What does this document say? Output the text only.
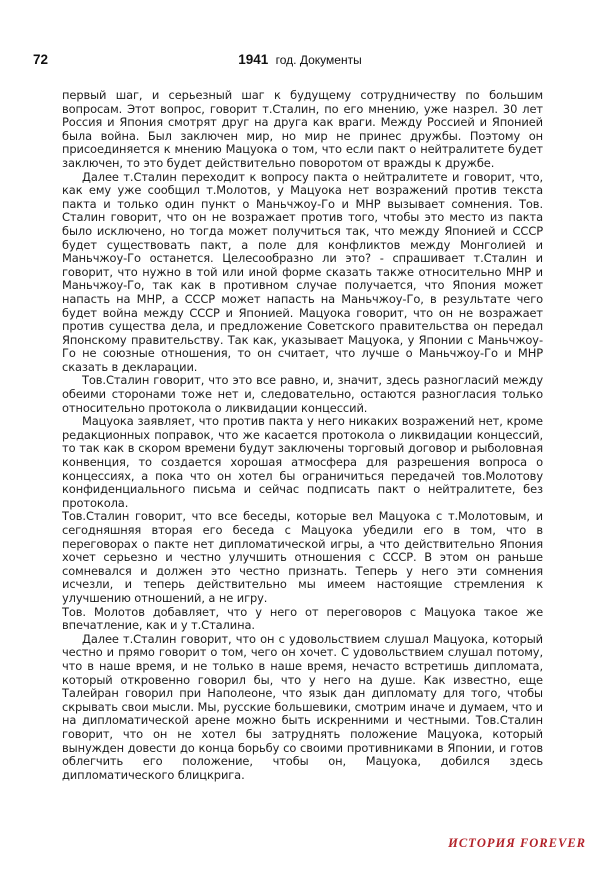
72	1941 год. Документы

первый шаг, и серьезный шаг к будущему сотрудничеству по большим вопросам. Этот вопрос, говорит т.Сталин, по его мнению, уже назрел. 30 лет Россия и Япония смотрят друг на друга как враги. Между Россией и Японией была война. Был заключен мир, но мир не принес дружбы. Поэтому он присоединяется к мнению Мацуока о том, что если пакт о нейтралитете будет заключен, то это будет действительно поворотом от вражды к дружбе.

Далее т.Сталин переходит к вопросу пакта о нейтралитете и говорит, что, как ему уже сообщил т.Молотов, у Мацуока нет возражений против текста пакта и только один пункт о Маньчжоу-Го и МНР вызывает сомнения. Тов. Сталин говорит, что он не возражает против того, чтобы это место из пакта было исключено, но тогда может получиться так, что между Японией и СССР будет существовать пакт, а поле для конфликтов между Монголией и Маньчжоу-Го останется. Целесообразно ли это? - спрашивает т.Сталин и говорит, что нужно в той или иной форме сказать также относительно МНР и Маньчжоу-Го, так как в противном случае получается, что Япония может напасть на МНР, а СССР может напасть на Маньчжоу-Го, в результате чего будет война между СССР и Японией. Мацуока говорит, что он не возражает против существа дела, и предложение Советского правительства он передал Японскому правительству. Так как, указывает Мацуока, у Японии с Маньчжоу-Го не союзные отношения, то он считает, что лучше о Маньчжоу-Го и МНР сказать в декларации.

Тов.Сталин говорит, что это все равно, и, значит, здесь разногласий между обеими сторонами тоже нет и, следовательно, остаются разногласия только относительно протокола о ликвидации концессий.

Мацуока заявляет, что против пакта у него никаких возражений нет, кроме редакционных поправок, что же касается протокола о ликвидации концессий, то так как в скором времени будут заключены торговый договор и рыболовная конвенция, то создается хорошая атмосфера для разрешения вопроса о концессиях, а пока что он хотел бы ограничиться передачей тов.Молотову конфиденциального письма и сейчас подписать пакт о нейтралитете, без протокола.

Тов.Сталин говорит, что все беседы, которые вел Мацуока с т.Молотовым, и сегодняшняя вторая его беседа с Мацуока убедили его в том, что в переговорах о пакте нет дипломатической игры, а что действительно Япония хочет серьезно и честно улучшить отношения с СССР. В этом он раньше сомневался и должен это честно признать. Теперь у него эти сомнения исчезли, и теперь действительно мы имеем настоящие стремления к улучшению отношений, а не игру.

Тов. Молотов добавляет, что у него от переговоров с Мацуока такое же впечатление, как и у т.Сталина.

Далее т.Сталин говорит, что он с удовольствием слушал Мацуока, который честно и прямо говорит о том, чего он хочет. С удовольствием слушал потому, что в наше время, и не только в наше время, нечасто встретишь дипломата, который откровенно говорил бы, что у него на душе. Как известно, еще Талейран говорил при Наполеоне, что язык дан дипломату для того, чтобы скрывать свои мысли. Мы, русские большевики, смотрим иначе и думаем, что и на дипломатической арене можно быть искренними и честными. Тов.Сталин говорит, что он не хотел бы затруднять положение Мацуока, который вынужден довести до конца борьбу со своими противниками в Японии, и готов облегчить его положение, чтобы он, Мацуока, добился здесь дипломатического блицкрига.

ИСТОРИЯ FOREVER
